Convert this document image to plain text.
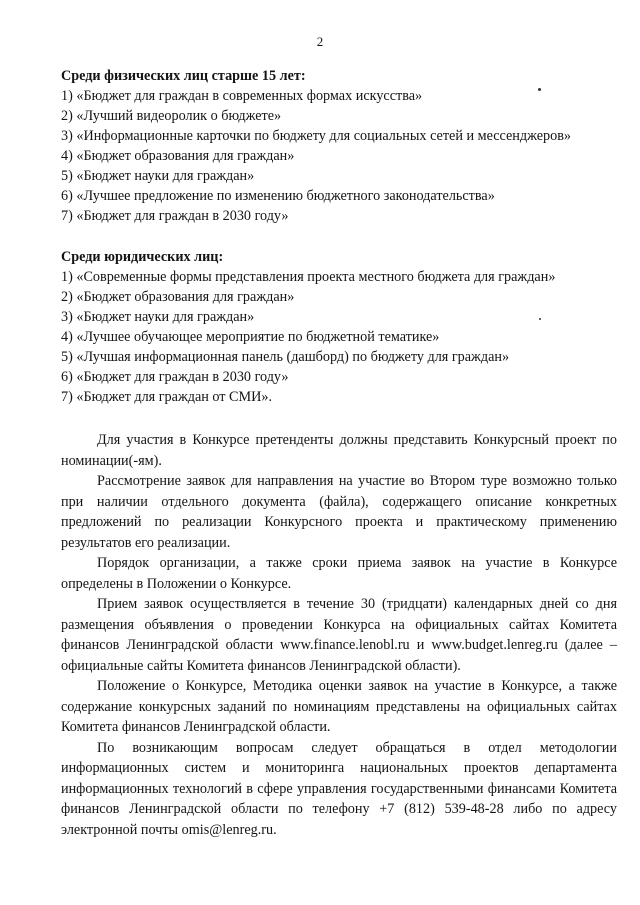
2

Среди физических лиц старше 15 лет:

1) «Бюджет для граждан в современных формах искусства»
2) «Лучший видеоролик о бюджете»
3) «Информационные карточки по бюджету для социальных сетей и мессенджеров»
4) «Бюджет образования для граждан»
5) «Бюджет науки для граждан»
6) «Лучшее предложение по изменению бюджетного законодательства»
7) «Бюджет для граждан в 2030 году»

Среди юридических лиц:

1) «Современные формы представления проекта местного бюджета для граждан»
2) «Бюджет образования для граждан»
3) «Бюджет науки для граждан»
4) «Лучшее обучающее мероприятие по бюджетной тематике»
5) «Лучшая информационная панель (дашборд) по бюджету для граждан»
6) «Бюджет для граждан в 2030 году»
7) «Бюджет для граждан от СМИ».

Для участия в Конкурсе претенденты должны представить Конкурсный проект по номинации(-ям).

Рассмотрение заявок для направления на участие во Втором туре возможно только при наличии отдельного документа (файла), содержащего описание конкретных предложений по реализации Конкурсного проекта и практическому применению результатов его реализации.

Порядок организации, а также сроки приема заявок на участие в Конкурсе определены в Положении о Конкурсе.

Прием заявок осуществляется в течение 30 (тридцати) календарных дней со дня размещения объявления о проведении Конкурса на официальных сайтах Комитета финансов Ленинградской области www.finance.lenobl.ru и www.budget.lenreg.ru (далее – официальные сайты Комитета финансов Ленинградской области).

Положение о Конкурсе, Методика оценки заявок на участие в Конкурсе, а также содержание конкурсных заданий по номинациям представлены на официальных сайтах Комитета финансов Ленинградской области.

По возникающим вопросам следует обращаться в отдел методологии информационных систем и мониторинга национальных проектов департамента информационных технологий в сфере управления государственными финансами Комитета финансов Ленинградской области по телефону +7 (812) 539-48-28 либо по адресу электронной почты omis@lenreg.ru.
